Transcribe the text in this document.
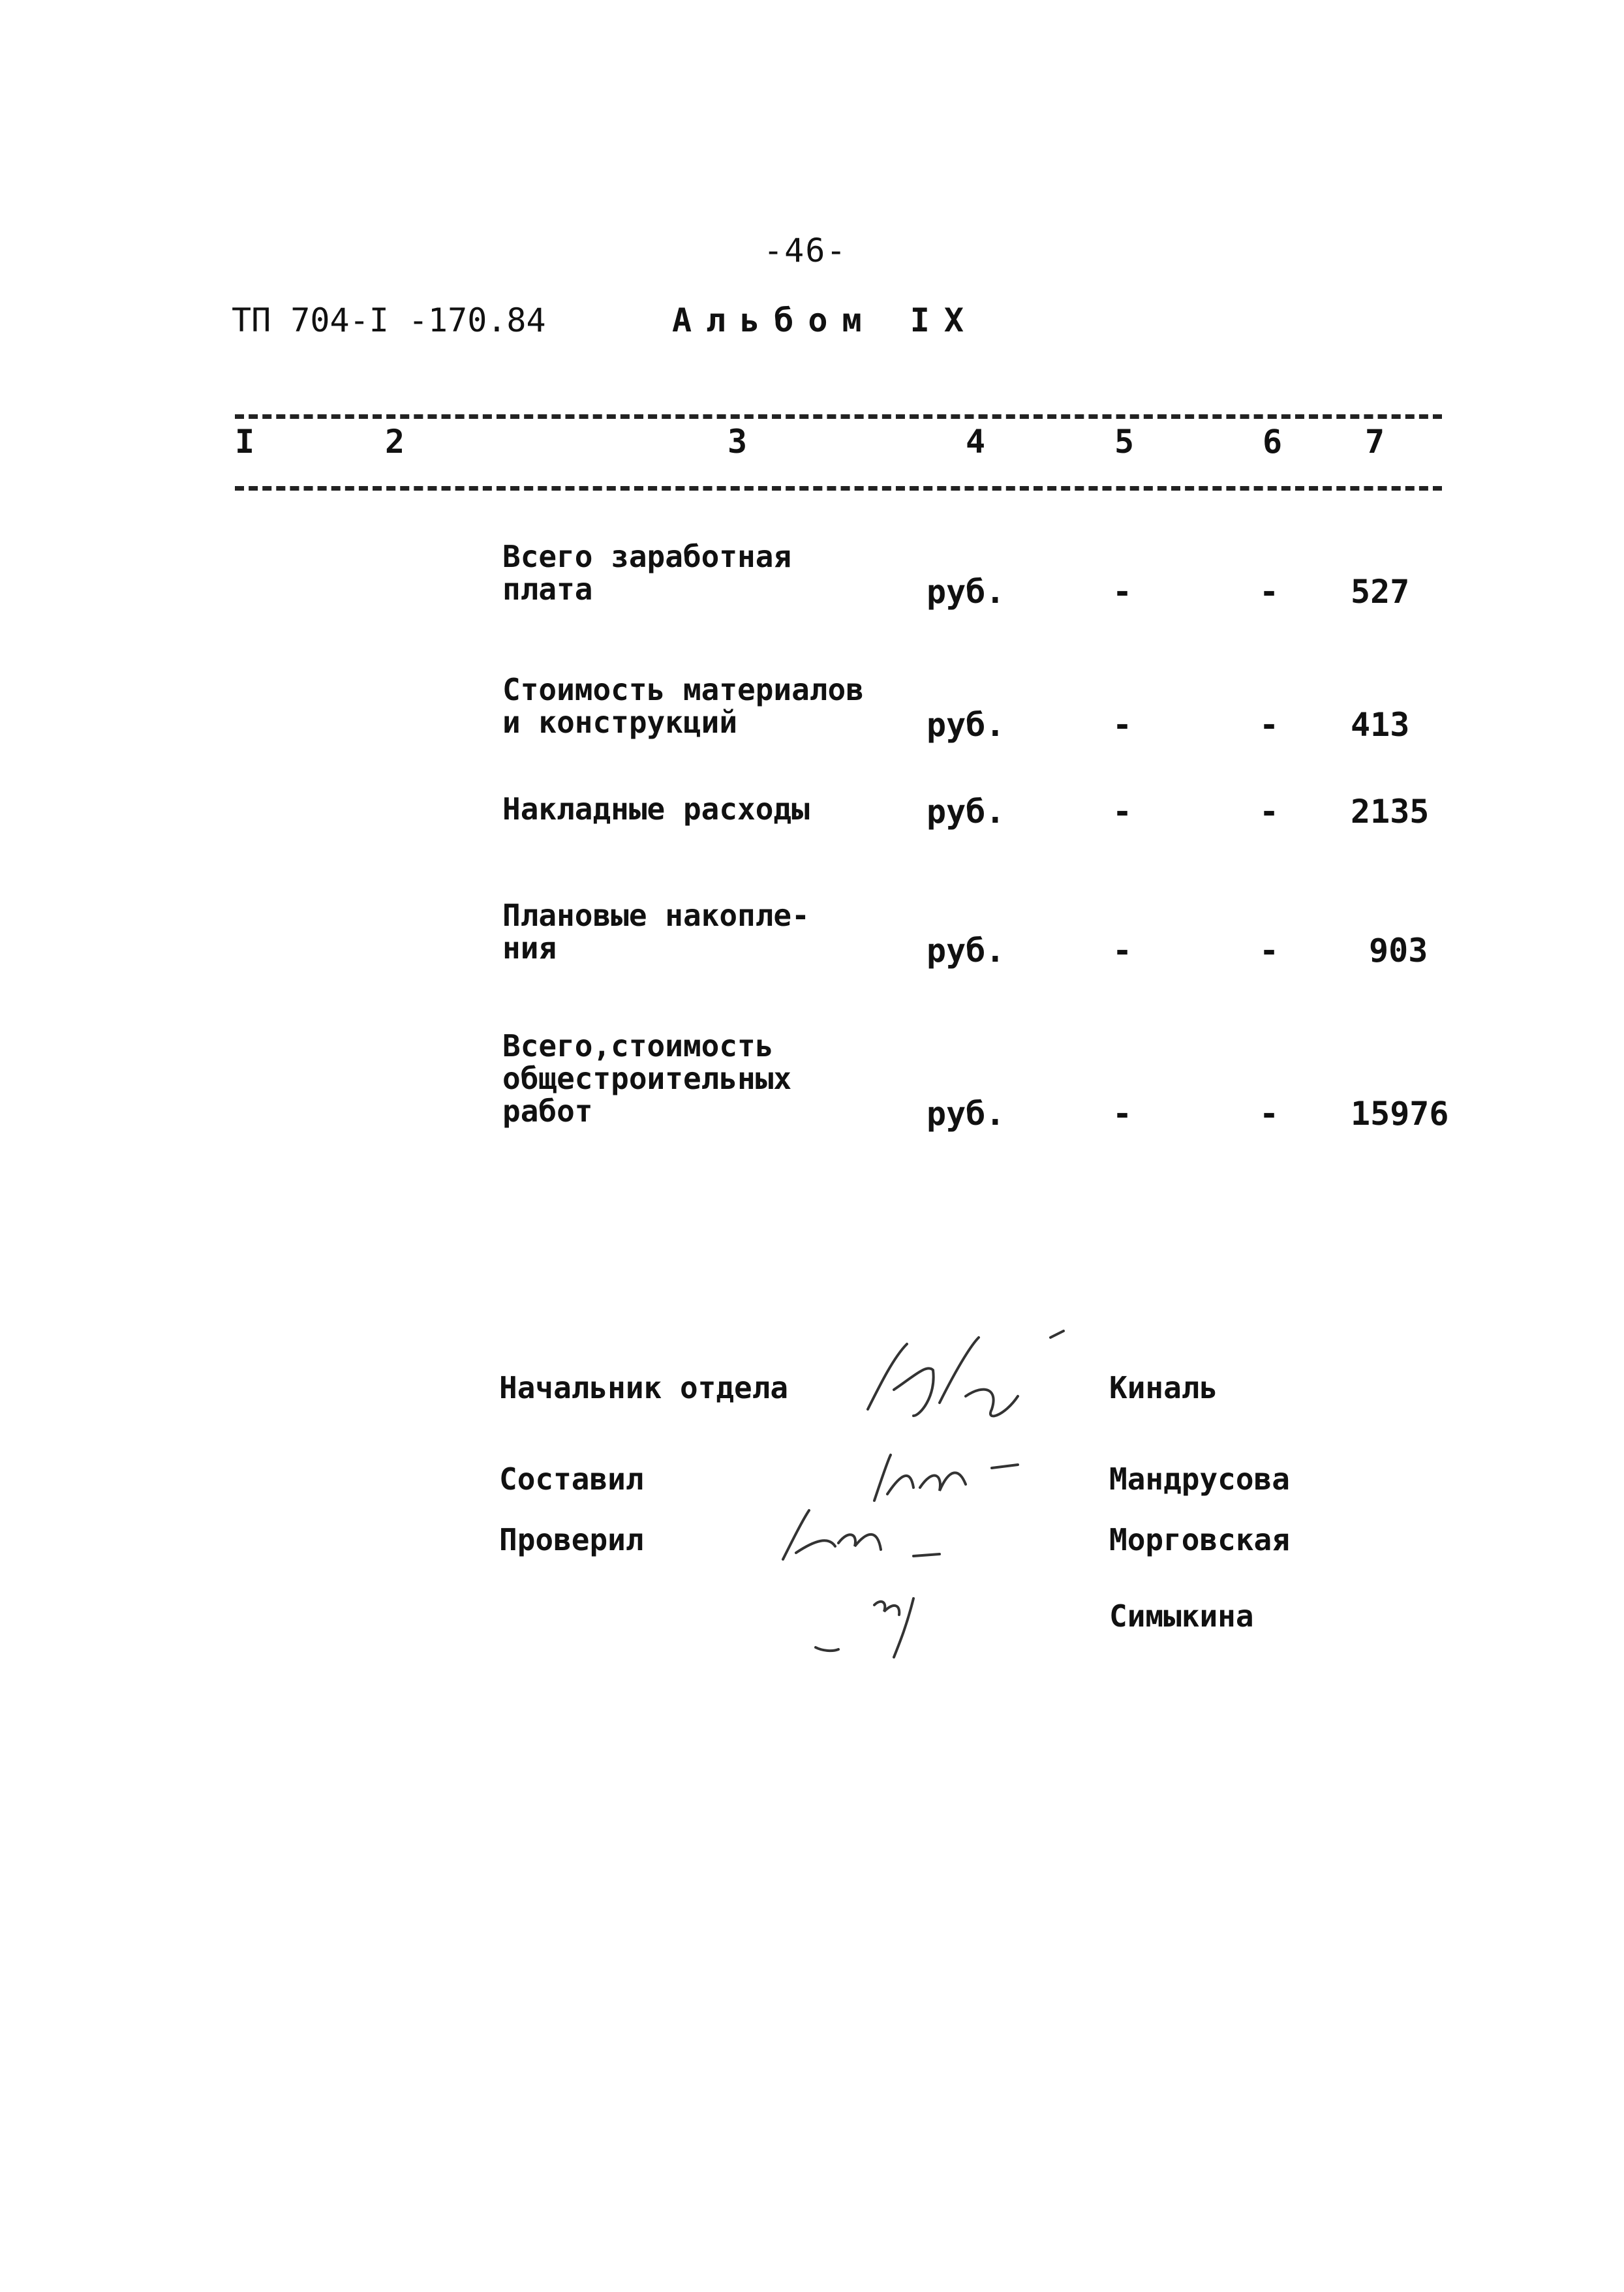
-46-
ТП 704-I -170.84	Альбом IX
I	2	3	4	5	6	7
Всего заработная
плата	руб.	-	- 527
Стоимость материалов
и конструкций	руб.	-	- 413
Накладные расходы	руб.	-	- 2135
Плановые накопле-
ния	руб.	-	-	903
Всего,стоимость
общестроительных
работ	руб.	-	- 15976
Начальник отдела	Киналь
Составил	Мандрусова
Проверил	Морговская
Симыкина
